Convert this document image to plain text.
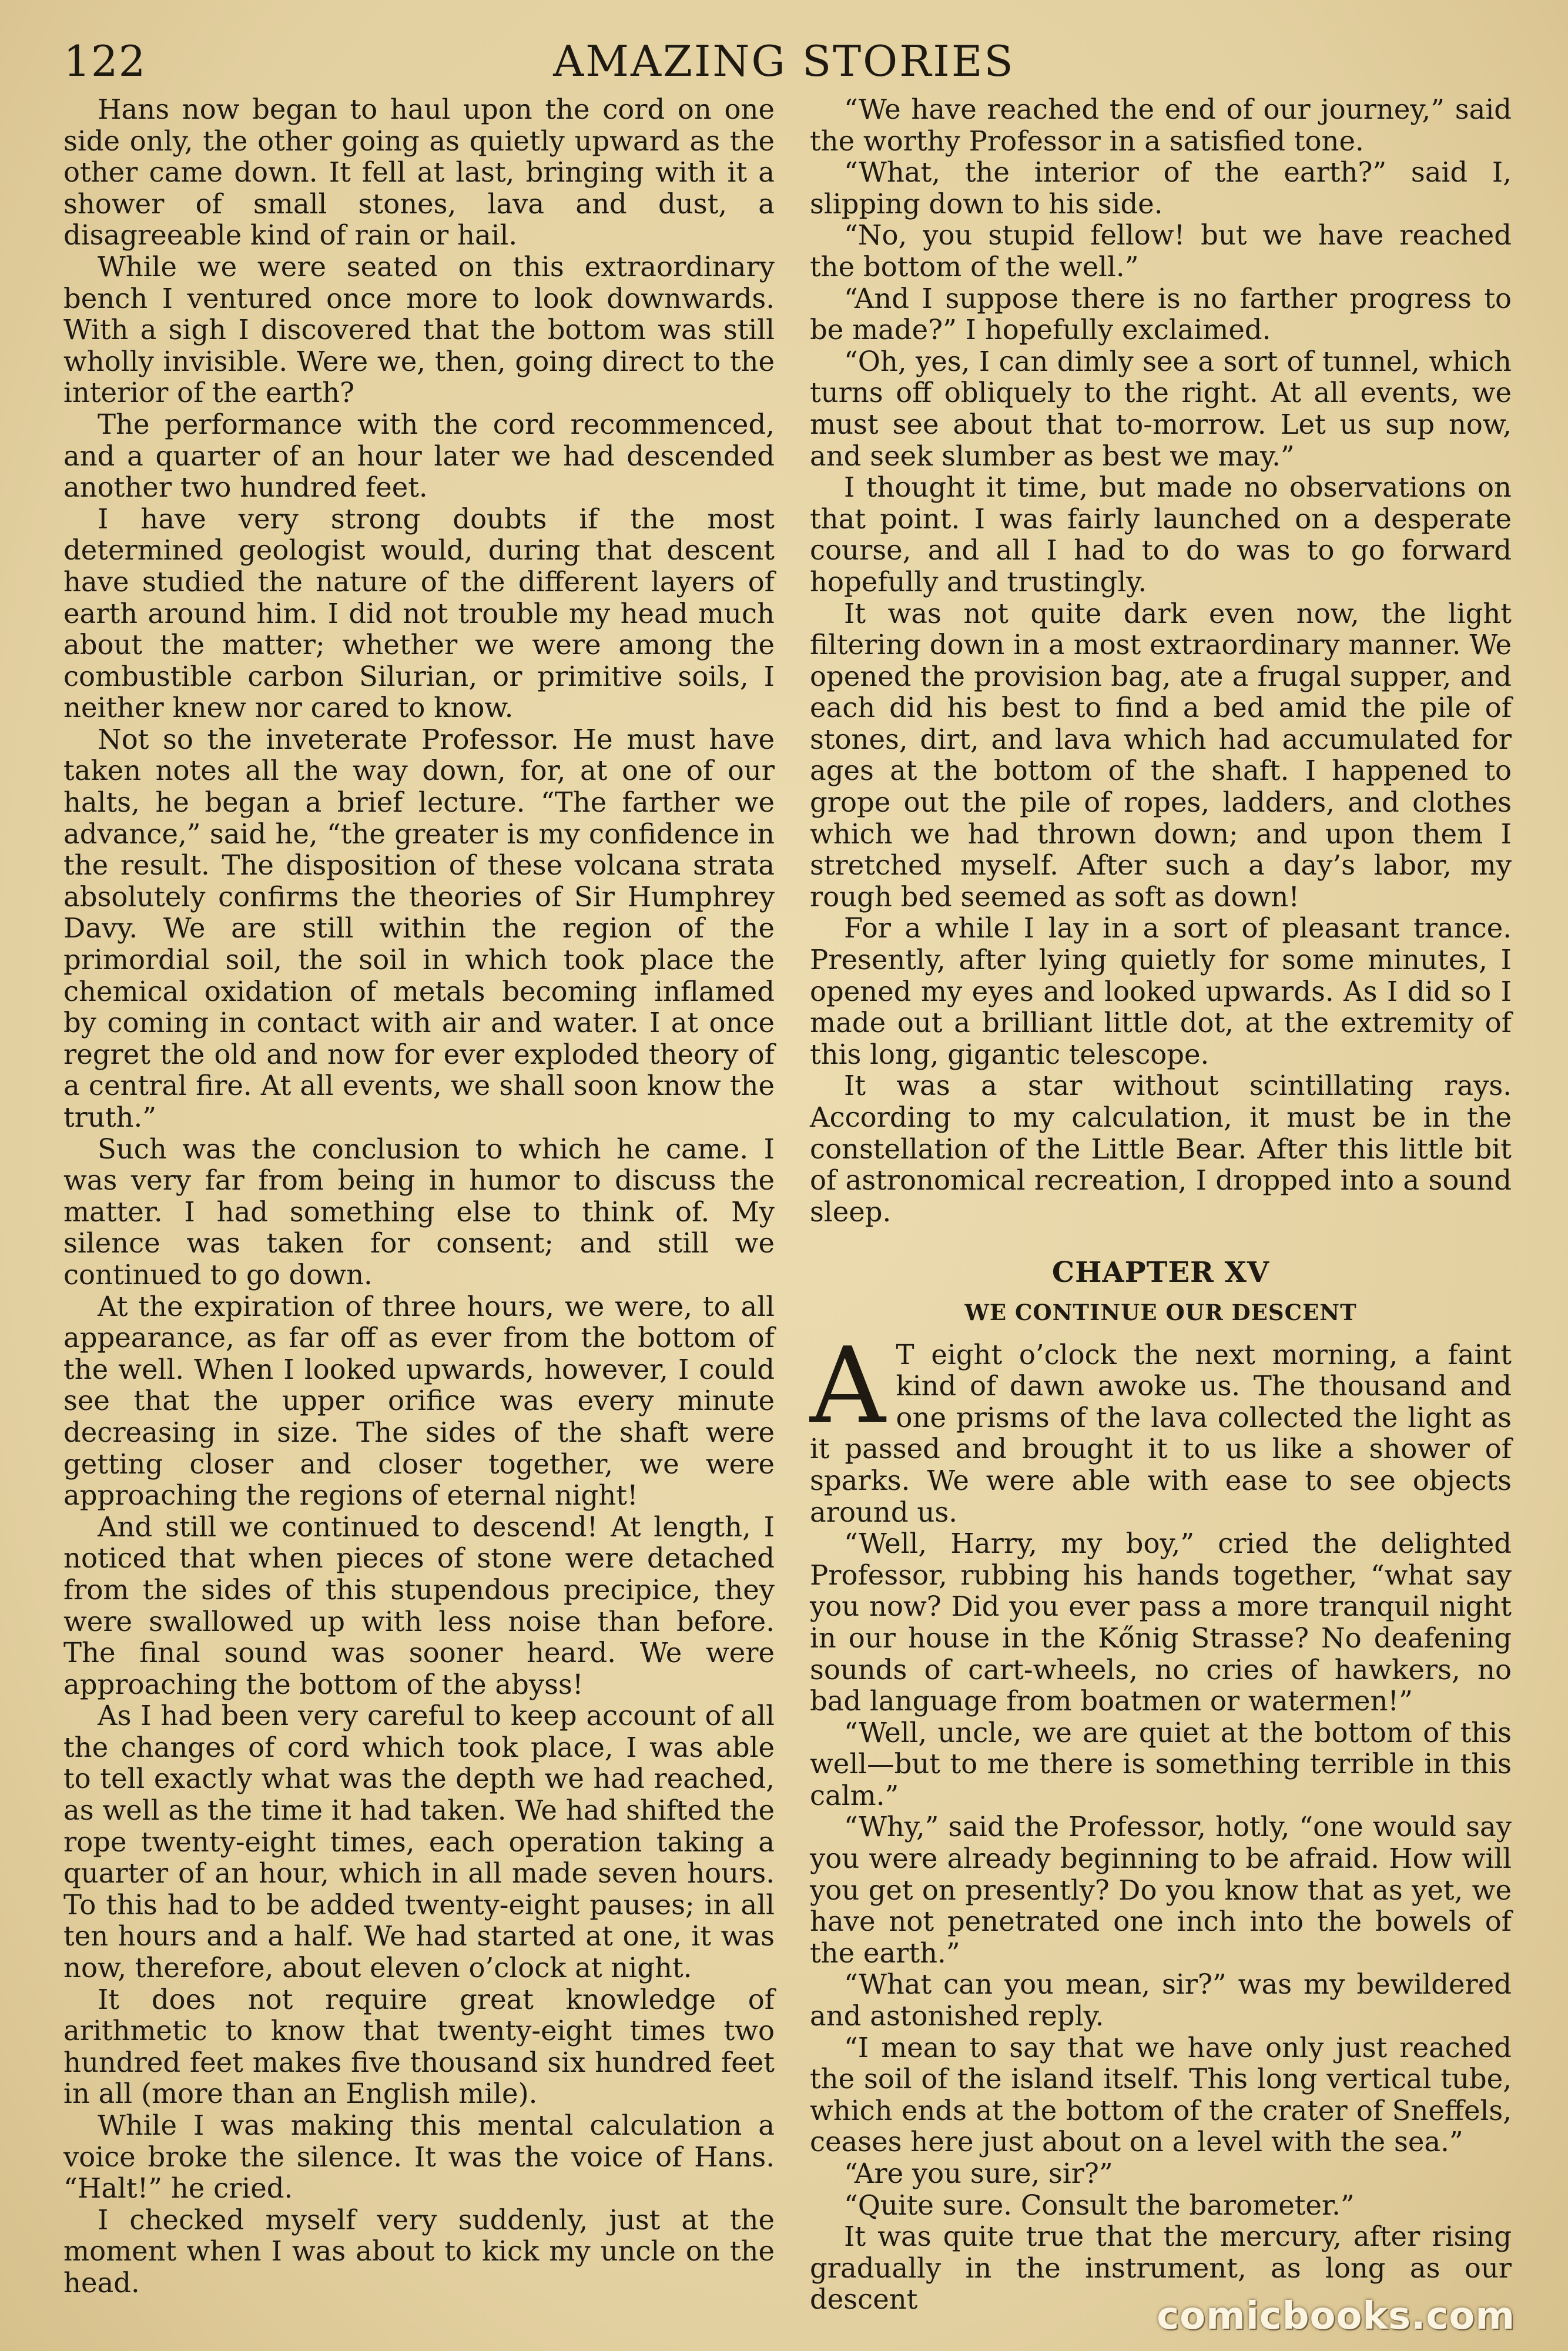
122	AMAZING STORIES

Hans now began to haul upon the cord on one side only, the other going as quietly upward as the other came down. It fell at last, bringing with it a shower of small stones, lava and dust, a disagreeable kind of rain or hail.

While we were seated on this extraordinary bench I ventured once more to look downwards. With a sigh I discovered that the bottom was still wholly invisible. Were we, then, going direct to the interior of the earth?

The performance with the cord recommenced, and a quarter of an hour later we had descended another two hundred feet.

I have very strong doubts if the most determined geologist would, during that descent have studied the nature of the different layers of earth around him. I did not trouble my head much about the matter; whether we were among the combustible carbon Silurian, or primitive soils, I neither knew nor cared to know.

Not so the inveterate Professor. He must have taken notes all the way down, for, at one of our halts, he began a brief lecture. “The farther we advance,” said he, “the greater is my confidence in the result. The disposition of these volcana strata absolutely confirms the theories of Sir Humphrey Davy. We are still within the region of the primordial soil, the soil in which took place the chemical oxidation of metals becoming inflamed by coming in contact with air and water. I at once regret the old and now for ever exploded theory of a central fire. At all events, we shall soon know the truth.”

Such was the conclusion to which he came. I was very far from being in humor to discuss the matter. I had something else to think of. My silence was taken for consent; and still we continued to go down.

At the expiration of three hours, we were, to all appearance, as far off as ever from the bottom of the well. When I looked upwards, however, I could see that the upper orifice was every minute decreasing in size. The sides of the shaft were getting closer and closer together, we were approaching the regions of eternal night!

And still we continued to descend! At length, I noticed that when pieces of stone were detached from the sides of this stupendous precipice, they were swallowed up with less noise than before. The final sound was sooner heard. We were approaching the bottom of the abyss!

As I had been very careful to keep account of all the changes of cord which took place, I was able to tell exactly what was the depth we had reached, as well as the time it had taken. We had shifted the rope twenty-eight times, each operation taking a quarter of an hour, which in all made seven hours. To this had to be added twenty-eight pauses; in all ten hours and a half. We had started at one, it was now, therefore, about eleven o’clock at night.

It does not require great knowledge of arithmetic to know that twenty-eight times two hundred feet makes five thousand six hundred feet in all (more than an English mile).

While I was making this mental calculation a voice broke the silence. It was the voice of Hans. “Halt!” he cried.

I checked myself very suddenly, just at the moment when I was about to kick my uncle on the head.

“We have reached the end of our journey,” said the worthy Professor in a satisfied tone.

“What, the interior of the earth?” said I, slipping down to his side.

“No, you stupid fellow! but we have reached the bottom of the well.”

“And I suppose there is no farther progress to be made?” I hopefully exclaimed.

“Oh, yes, I can dimly see a sort of tunnel, which turns off obliquely to the right. At all events, we must see about that to-morrow. Let us sup now, and seek slumber as best we may.”

I thought it time, but made no observations on that point. I was fairly launched on a desperate course, and all I had to do was to go forward hopefully and trustingly.

It was not quite dark even now, the light filtering down in a most extraordinary manner. We opened the provision bag, ate a frugal supper, and each did his best to find a bed amid the pile of stones, dirt, and lava which had accumulated for ages at the bottom of the shaft. I happened to grope out the pile of ropes, ladders, and clothes which we had thrown down; and upon them I stretched myself. After such a day’s labor, my rough bed seemed as soft as down!

For a while I lay in a sort of pleasant trance. Presently, after lying quietly for some minutes, I opened my eyes and looked upwards. As I did so I made out a brilliant little dot, at the extremity of this long, gigantic telescope.

It was a star without scintillating rays. According to my calculation, it must be in the constellation of the Little Bear. After this little bit of astronomical recreation, I dropped into a sound sleep.

CHAPTER XV
WE CONTINUE OUR DESCENT

A T eight o’clock the next morning, a faint kind of dawn awoke us. The thousand and one prisms of the lava collected the light as it passed and brought it to us like a shower of sparks. We were able with ease to see objects around us.

“Well, Harry, my boy,” cried the delighted Professor, rubbing his hands together, “what say you now? Did you ever pass a more tranquil night in our house in the Kőnig Strasse? No deafening sounds of cart-wheels, no cries of hawkers, no bad language from boatmen or watermen!”

“Well, uncle, we are quiet at the bottom of this well—but to me there is something terrible in this calm.”

“Why,” said the Professor, hotly, “one would say you were already beginning to be afraid. How will you get on presently? Do you know that as yet, we have not penetrated one inch into the bowels of the earth.”

“What can you mean, sir?” was my bewildered and astonished reply.

“I mean to say that we have only just reached the soil of the island itself. This long vertical tube, which ends at the bottom of the crater of Sneffels, ceases here just about on a level with the sea.”

“Are you sure, sir?”

“Quite sure. Consult the barometer.”

It was quite true that the mercury, after rising gradually in the instrument, as long as our descent	comicbooks.com
